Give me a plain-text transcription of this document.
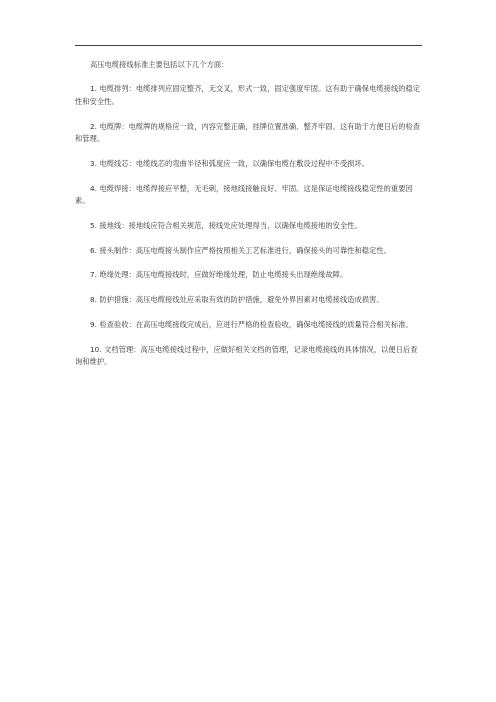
高压电缆接线标准主要包括以下几个方面：

1. 电缆排列：电缆排列应固定整齐，无交叉，形式一致，固定强度牢固。这有助于确保电缆接线的稳定性和安全性。

2. 电缆牌：电缆牌的规格应一致，内容完整正确，挂牌位置准确、整齐牢固。这有助于方便日后的检查和管理。

3. 电缆线芯：电缆线芯的弯曲半径和弧度应一致，以确保电缆在敷设过程中不受损坏。

4. 电缆焊接：电缆焊接应平整，无毛刺，接地线接触良好、牢固。这是保证电缆接线稳定性的重要因素。

5. 接地线：接地线应符合相关规范，接线处应处理得当，以确保电缆接地的安全性。

6. 接头制作：高压电缆接头制作应严格按照相关工艺标准进行，确保接头的可靠性和稳定性。

7. 绝缘处理：高压电缆接线时，应做好绝缘处理，防止电缆接头出现绝缘故障。

8. 防护措施：高压电缆接线处应采取有效的防护措施，避免外界因素对电缆接线造成损害。

9. 检查验收：在高压电缆接线完成后，应进行严格的检查验收，确保电缆接线的质量符合相关标准。

10. 文档管理：高压电缆接线过程中，应做好相关文档的管理，记录电缆接线的具体情况，以便日后查询和维护。
